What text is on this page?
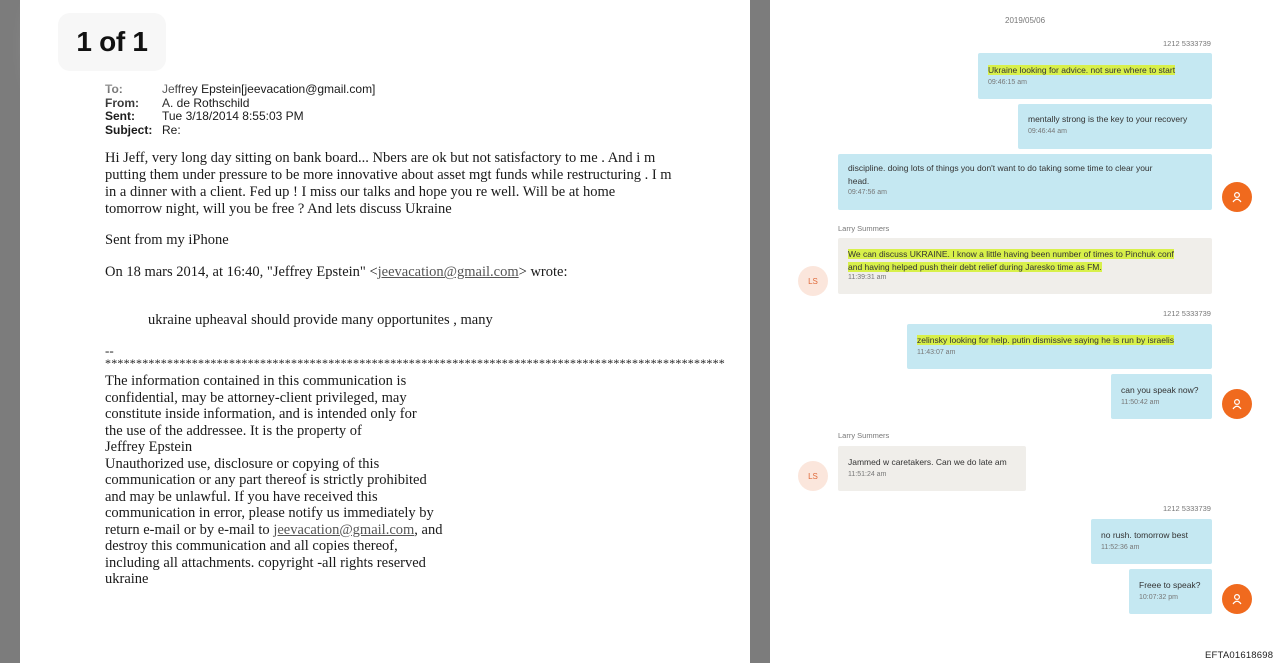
1 of 1
To:	Jeffrey Epstein[jeevacation@gmail.com]
From:	A. de Rothschild
Sent:	Tue 3/18/2014 8:55:03 PM
Subject: Re:
Hi Jeff, very long day sitting on bank board... Nbers are ok but not satisfactory to me . And i m
putting them under pressure to be more innovative about asset mgt funds while restructuring . I m
in a dinner with a client. Fed up ! I miss our talks and hope you re well. Will be at home
tomorrow night, will you be free ? And lets discuss Ukraine
Sent from my iPhone
On 18 mars 2014, at 16:40, "Jeffrey Epstein" <jeevacation@gmail.com> wrote:
ukraine upheaval should provide many opportunites , many
--
****************************************************************************************************
The information contained in this communication is
confidential, may be attorney-client privileged, may
constitute inside information, and is intended only for
the use of the addressee. It is the property of
Jeffrey Epstein
Unauthorized use, disclosure or copying of this
communication or any part thereof is strictly prohibited
and may be unlawful. If you have received this
communication in error, please notify us immediately by
return e-mail or by e-mail to jeevacation@gmail.com, and
destroy this communication and all copies thereof,
including all attachments. copyright -all rights reserved
ukraine
2019/05/06
1212 5333739
Ukraine looking for advice. not sure where to start
09:46:15 am
mentally strong is the key to your recovery
09:46:44 am
discipline. doing lots of things you don't want to do taking some time to clear your
head.
09:47:56 am
Larry Summers
We can discuss UKRAINE. I know a little having been number of times to Pinchuk conf
and having helped push their debt relief during Jaresko time as FM.
11:39:31 am
LS
1212 5333739
zelinsky looking for help. putin dismissive saying he is run by israelis
11:43:07 am
can you speak now?
11:50:42 am
Larry Summers
Jammed w caretakers. Can we do late am
11:51:24 am
LS
1212 5333739
no rush. tomorrow best
11:52:36 am
Freee to speak?
10:07:32 pm
EFTA01618698
